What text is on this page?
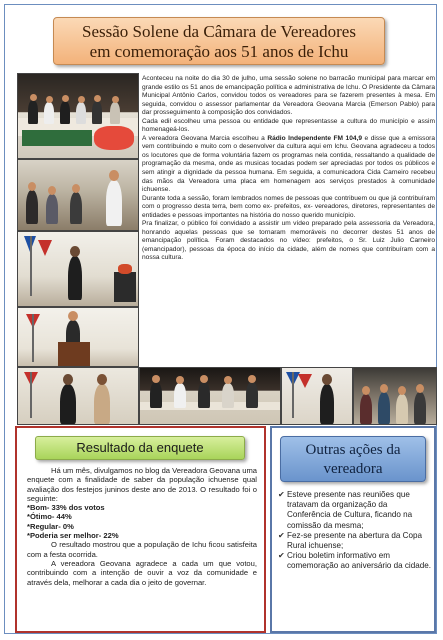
Sessão Solene da Câmara de Vereadores
em comemoração aos 51 anos de Ichu

Aconteceu na noite do dia 30 de julho, uma sessão solene no barracão municipal para marcar em grande estilo os 51 anos de emancipação política e administrativa de Ichu. O Presidente da Câmara Municipal Antônio Carlos, convidou todos os vereadores para se fazerem presentes à mesa. Em seguida, convidou o assessor parlamentar da Vereadora Geovana Marcia (Emerson Pablo) para dar prosseguimento à composição dos convidados.

Cada edil escolheu uma pessoa ou entidade que representasse a cultura do município e assim homenageá-los.

A vereadora Geovana Marcia escolheu a Rádio Independente FM 104,9 e disse que a emissora vem contribuindo e muito com o desenvolver da cultura aqui em Ichu. Geovana agradeceu a todos os locutores que de forma voluntária fazem os programas nela contida, ressaltando a qualidade de programação da mesma, onde as musicas tocadas podem ser apreciadas por todos os públicos e sem atingir a dignidade da pessoa humana. Em seguida, a comunicadora Cida Carneiro recebeu das mãos da Vereadora uma placa em homenagem aos serviços prestados à comunidade ichuense.

Durante toda a sessão, foram lembrados nomes de pessoas que contribuem ou que já contribuíram com o progresso desta terra, bem como ex- prefeitos, ex- vereadores, diretores, representantes de entidades e pessoas importantes na história do nosso querido município.

Pra finalizar, o público foi convidado a assistir um vídeo preparado pela assessoria da Vereadora, honrando aquelas pessoas que se tornaram memoráveis no decorrer destes 51 anos de emancipação política. Foram destacados no vídeo: prefeitos, o Sr. Luiz Julio Carneiro (emancipador), pessoas da época do início da cidade, além de nomes que contribuíram com a nossa cultura.

Resultado da enquete

Há um mês, divulgamos no blog da Vereadora Geovana uma enquete com a finalidade de saber da população ichuense qual avaliação dos festejos juninos deste ano de 2013. O resultado foi o seguinte:

*Bom- 33% dos votos

*Ótimo- 44%

*Regular- 0%

*Poderia ser melhor- 22%

O resultado mostrou que a população de Ichu ficou satisfeita com a festa ocorrida.

A vereadora Geovana agradece a cada um que votou, contribuindo com a intenção de ouvir a voz da comunidade e através dela, melhorar a cada dia o jeito de governar.

Outras ações da
vereadora
✔ Esteve presente nas reuniões que tratavam da organização da Conferência de Cultura, ficando na comissão da mesma;
✔ Fez-se presente na abertura da Copa Rural ichuense;
✔ Criou boletim informativo em comemoração ao aniversário da cidade.
